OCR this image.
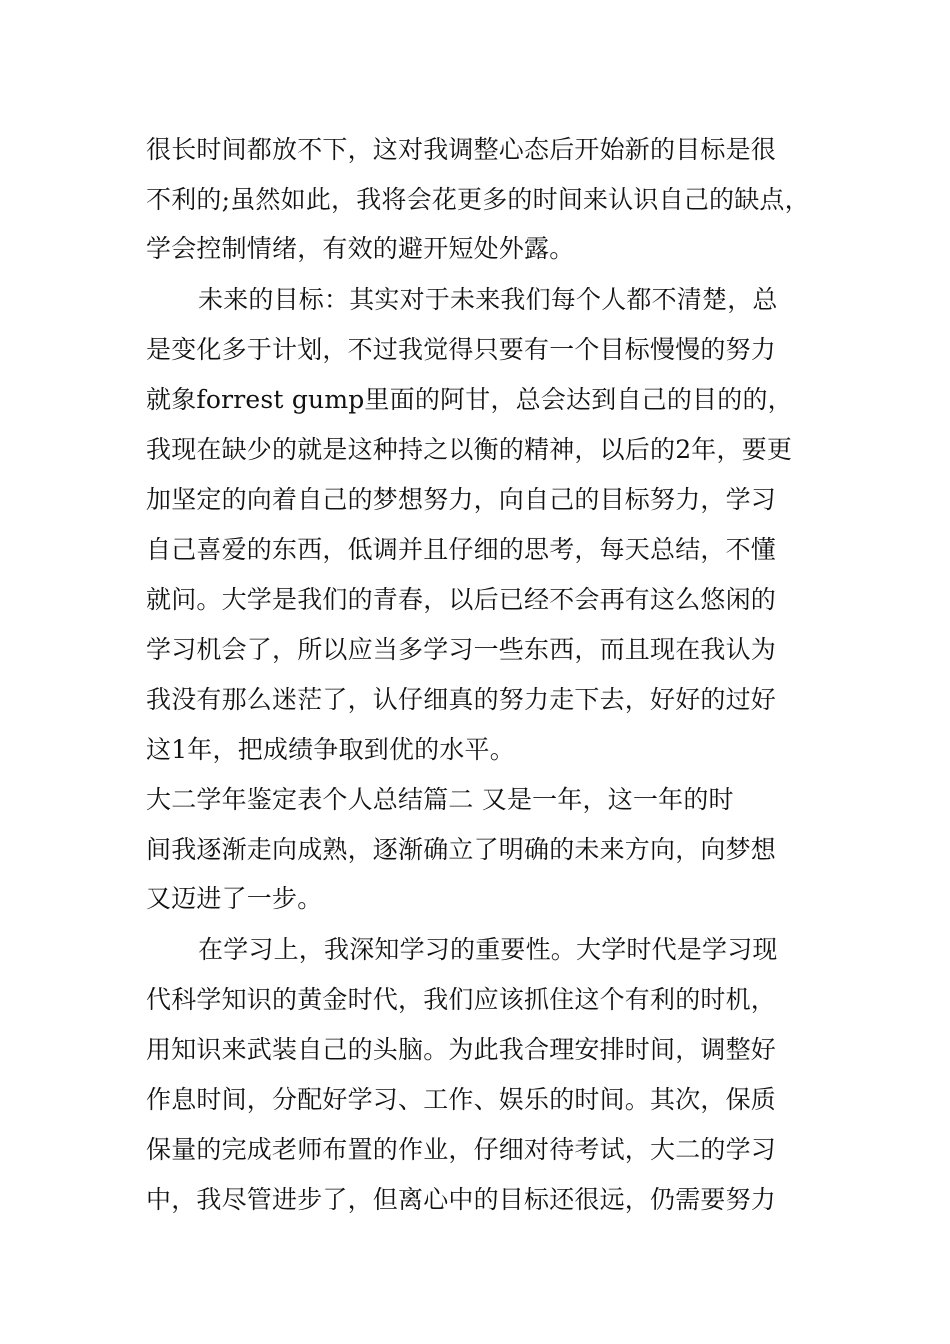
很长时间都放不下，这对我调整心态后开始新的目标是很
不利的;虽然如此，我将会花更多的时间来认识自己的缺点，
学会控制情绪，有效的避开短处外露。
未来的目标：其实对于未来我们每个人都不清楚，总
是变化多于计划，不过我觉得只要有一个目标慢慢的努力
就象forrest gump里面的阿甘，总会达到自己的目的的，
我现在缺少的就是这种持之以衡的精神，以后的2年，要更
加坚定的向着自己的梦想努力，向自己的目标努力，学习
自己喜爱的东西，低调并且仔细的思考，每天总结，不懂
就问。大学是我们的青春，以后已经不会再有这么悠闲的
学习机会了，所以应当多学习一些东西，而且现在我认为
我没有那么迷茫了，认仔细真的努力走下去，好好的过好
这1年，把成绩争取到优的水平。
大二学年鉴定表个人总结篇二 又是一年，这一年的时
间我逐渐走向成熟，逐渐确立了明确的未来方向，向梦想
又迈进了一步。
在学习上，我深知学习的重要性。大学时代是学习现
代科学知识的黄金时代，我们应该抓住这个有利的时机，
用知识来武装自己的头脑。为此我合理安排时间，调整好
作息时间，分配好学习、工作、娱乐的时间。其次，保质
保量的完成老师布置的作业，仔细对待考试，大二的学习
中，我尽管进步了，但离心中的目标还很远，仍需要努力
